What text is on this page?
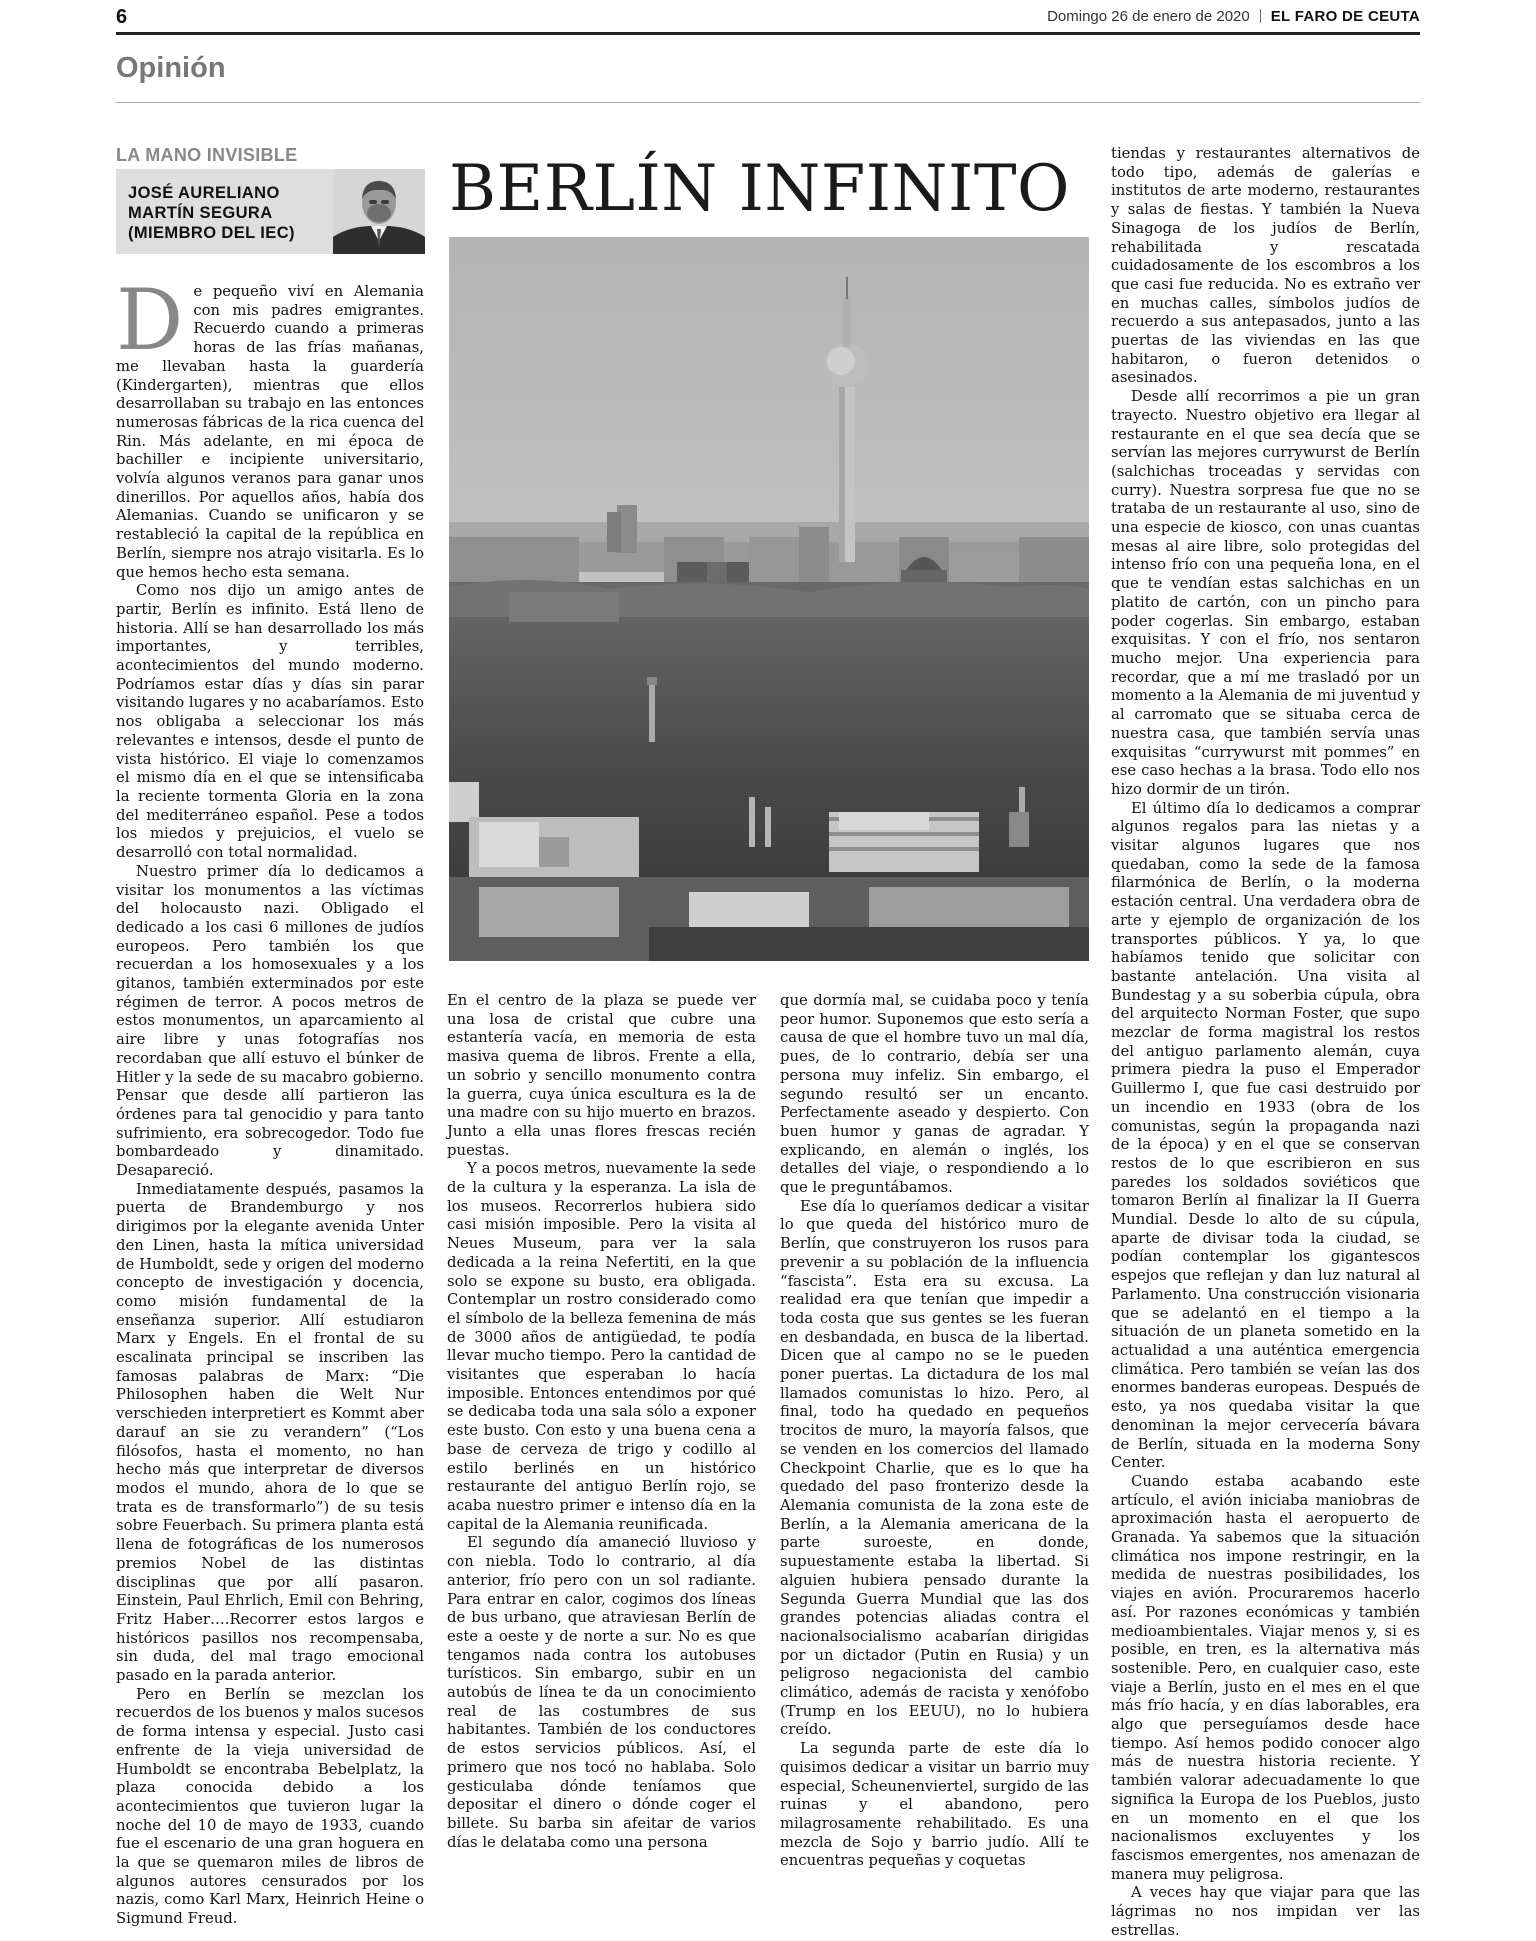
6	Domingo 26 de enero de 2020 EL FARO DE CEUTA
Opinión
LA MANO INVISIBLE
JOSÉ AURELIANO
MARTÍN SEGURA
(MIEMBRO DEL IEC)

De pequeño viví en Alemania con mis padres emigrantes. Recuerdo cuando a primeras horas de las frías mañanas, me llevaban hasta la guardería (Kindergarten), mientras que ellos desarrollaban su trabajo en las entonces numerosas fábricas de la rica cuenca del Rin. Más adelante, en mi época de bachiller e incipiente universitario, volvía algunos veranos para ganar unos dinerillos. Por aquellos años, había dos Alemanias. Cuando se unificaron y se restableció la capital de la república en Berlín, siempre nos atrajo visitarla. Es lo que hemos hecho esta semana.

Como nos dijo un amigo antes de partir, Berlín es infinito. Está lleno de historia. Allí se han desarrollado los más importantes, y terribles, acontecimientos del mundo moderno. Podríamos estar días y días sin parar visitando lugares y no acabaríamos. Esto nos obligaba a seleccionar los más relevantes e intensos, desde el punto de vista histórico. El viaje lo comenzamos el mismo día en el que se intensificaba la reciente tormenta Gloria en la zona del mediterráneo español. Pese a todos los miedos y prejuicios, el vuelo se desarrolló con total normalidad.

Nuestro primer día lo dedicamos a visitar los monumentos a las víctimas del holocausto nazi. Obligado el dedicado a los casi 6 millones de judíos europeos. Pero también los que recuerdan a los homosexuales y a los gitanos, también exterminados por este régimen de terror. A pocos metros de estos monumentos, un aparcamiento al aire libre y unas fotografías nos recordaban que allí estuvo el búnker de Hitler y la sede de su macabro gobierno. Pensar que desde allí partieron las órdenes para tal genocidio y para tanto sufrimiento, era sobrecogedor. Todo fue bombardeado y dinamitado. Desapareció.

Inmediatamente después, pasamos la puerta de Brandemburgo y nos dirigimos por la elegante avenida Unter den Linen, hasta la mítica universidad de Humboldt, sede y origen del moderno concepto de investigación y docencia, como misión fundamental de la enseñanza superior. Allí estudiaron Marx y Engels. En el frontal de su escalinata principal se inscriben las famosas palabras de Marx: “Die Philosophen haben die Welt Nur verschieden interpretiert es Kommt aber darauf an sie zu verandern” (“Los filósofos, hasta el momento, no han hecho más que interpretar de diversos modos el mundo, ahora de lo que se trata es de transformarlo”) de su tesis sobre Feuerbach. Su primera planta está llena de fotográficas de los numerosos premios Nobel de las distintas disciplinas que por allí pasaron. Einstein, Paul Ehrlich, Emil con Behring, Fritz Haber….Recorrer estos largos e históricos pasillos nos recompensaba, sin duda, del mal trago emocional pasado en la parada anterior.

Pero en Berlín se mezclan los recuerdos de los buenos y malos sucesos de forma intensa y especial. Justo casi enfrente de la vieja universidad de Humboldt se encontraba Bebelplatz, la plaza conocida debido a los acontecimientos que tuvieron lugar la noche del 10 de mayo de 1933, cuando fue el escenario de una gran hoguera en la que se quemaron miles de libros de algunos autores censurados por los nazis, como Karl Marx, Heinrich Heine o Sigmund Freud.

BERLÍN INFINITO

En el centro de la plaza se puede ver una losa de cristal que cubre una estantería vacía, en memoria de esta masiva quema de libros. Frente a ella, un sobrio y sencillo monumento contra la guerra, cuya única escultura es la de una madre con su hijo muerto en brazos. Junto a ella unas flores frescas recién puestas.

Y a pocos metros, nuevamente la sede de la cultura y la esperanza. La isla de los museos. Recorrerlos hubiera sido casi misión imposible. Pero la visita al Neues Museum, para ver la sala dedicada a la reina Nefertiti, en la que solo se expone su busto, era obligada. Contemplar un rostro considerado como el símbolo de la belleza femenina de más de 3000 años de antigüedad, te podía llevar mucho tiempo. Pero la cantidad de visitantes que esperaban lo hacía imposible. Entonces entendimos por qué se dedicaba toda una sala sólo a exponer este busto. Con esto y una buena cena a base de cerveza de trigo y codillo al estilo berlinés en un histórico restaurante del antiguo Berlín rojo, se acaba nuestro primer e intenso día en la capital de la Alemania reunificada.

El segundo día amaneció lluvioso y con niebla. Todo lo contrario, al día anterior, frío pero con un sol radiante. Para entrar en calor, cogimos dos líneas de bus urbano, que atraviesan Berlín de este a oeste y de norte a sur. No es que tengamos nada contra los autobuses turísticos. Sin embargo, subir en un autobús de línea te da un conocimiento real de las costumbres de sus habitantes. También de los conductores de estos servicios públicos. Así, el primero que nos tocó no hablaba. Solo gesticulaba dónde teníamos que depositar el dinero o dónde coger el billete. Su barba sin afeitar de varios días le delataba como una persona

que dormía mal, se cuidaba poco y tenía peor humor. Suponemos que esto sería a causa de que el hombre tuvo un mal día, pues, de lo contrario, debía ser una persona muy infeliz. Sin embargo, el segundo resultó ser un encanto. Perfectamente aseado y despierto. Con buen humor y ganas de agradar. Y explicando, en alemán o inglés, los detalles del viaje, o respondiendo a lo que le preguntábamos.

Ese día lo queríamos dedicar a visitar lo que queda del histórico muro de Berlín, que construyeron los rusos para prevenir a su población de la influencia “fascista”. Esta era su excusa. La realidad era que tenían que impedir a toda costa que sus gentes se les fueran en desbandada, en busca de la libertad. Dicen que al campo no se le pueden poner puertas. La dictadura de los mal llamados comunistas lo hizo. Pero, al final, todo ha quedado en pequeños trocitos de muro, la mayoría falsos, que se venden en los comercios del llamado Checkpoint Charlie, que es lo que ha quedado del paso fronterizo desde la Alemania comunista de la zona este de Berlín, a la Alemania americana de la parte suroeste, en donde, supuestamente estaba la libertad. Si alguien hubiera pensado durante la Segunda Guerra Mundial que las dos grandes potencias aliadas contra el nacionalsocialismo acabarían dirigidas por un dictador (Putin en Rusia) y un peligroso negacionista del cambio climático, además de racista y xenófobo (Trump en los EEUU), no lo hubiera creído.

La segunda parte de este día lo quisimos dedicar a visitar un barrio muy especial, Scheunenviertel, surgido de las ruinas y el abandono, pero milagrosamente rehabilitado. Es una mezcla de Sojo y barrio judío. Allí te encuentras pequeñas y coquetas

tiendas y restaurantes alternativos de todo tipo, además de galerías e institutos de arte moderno, restaurantes y salas de fiestas. Y también la Nueva Sinagoga de los judíos de Berlín, rehabilitada y rescatada cuidadosamente de los escombros a los que casi fue reducida. No es extraño ver en muchas calles, símbolos judíos de recuerdo a sus antepasados, junto a las puertas de las viviendas en las que habitaron, o fueron detenidos o asesinados.

Desde allí recorrimos a pie un gran trayecto. Nuestro objetivo era llegar al restaurante en el que sea decía que se servían las mejores currywurst de Berlín (salchichas troceadas y servidas con curry). Nuestra sorpresa fue que no se trataba de un restaurante al uso, sino de una especie de kiosco, con unas cuantas mesas al aire libre, solo protegidas del intenso frío con una pequeña lona, en el que te vendían estas salchichas en un platito de cartón, con un pincho para poder cogerlas. Sin embargo, estaban exquisitas. Y con el frío, nos sentaron mucho mejor. Una experiencia para recordar, que a mí me trasladó por un momento a la Alemania de mi juventud y al carromato que se situaba cerca de nuestra casa, que también servía unas exquisitas “currywurst mit pommes” en ese caso hechas a la brasa. Todo ello nos hizo dormir de un tirón.

El último día lo dedicamos a comprar algunos regalos para las nietas y a visitar algunos lugares que nos quedaban, como la sede de la famosa filarmónica de Berlín, o la moderna estación central. Una verdadera obra de arte y ejemplo de organización de los transportes públicos. Y ya, lo que habíamos tenido que solicitar con bastante antelación. Una visita al Bundestag y a su soberbia cúpula, obra del arquitecto Norman Foster, que supo mezclar de forma magistral los restos del antiguo parlamento alemán, cuya primera piedra la puso el Emperador Guillermo I, que fue casi destruido por un incendio en 1933 (obra de los comunistas, según la propaganda nazi de la época) y en el que se conservan restos de lo que escribieron en sus paredes los soldados soviéticos que tomaron Berlín al finalizar la II Guerra Mundial. Desde lo alto de su cúpula, aparte de divisar toda la ciudad, se podían contemplar los gigantescos espejos que reflejan y dan luz natural al Parlamento. Una construcción visionaria que se adelantó en el tiempo a la situación de un planeta sometido en la actualidad a una auténtica emergencia climática. Pero también se veían las dos enormes banderas europeas. Después de esto, ya nos quedaba visitar la que denominan la mejor cervecería bávara de Berlín, situada en la moderna Sony Center.

Cuando estaba acabando este artículo, el avión iniciaba maniobras de aproximación hasta el aeropuerto de Granada. Ya sabemos que la situación climática nos impone restringir, en la medida de nuestras posibilidades, los viajes en avión. Procuraremos hacerlo así. Por razones económicas y también medioambientales. Viajar menos y, si es posible, en tren, es la alternativa más sostenible. Pero, en cualquier caso, este viaje a Berlín, justo en el mes en el que más frío hacía, y en días laborables, era algo que perseguíamos desde hace tiempo. Así hemos podido conocer algo más de nuestra historia reciente. Y también valorar adecuadamente lo que significa la Europa de los Pueblos, justo en un momento en el que los nacionalismos excluyentes y los fascismos emergentes, nos amenazan de manera muy peligrosa.

A veces hay que viajar para que las lágrimas no nos impidan ver las estrellas.
